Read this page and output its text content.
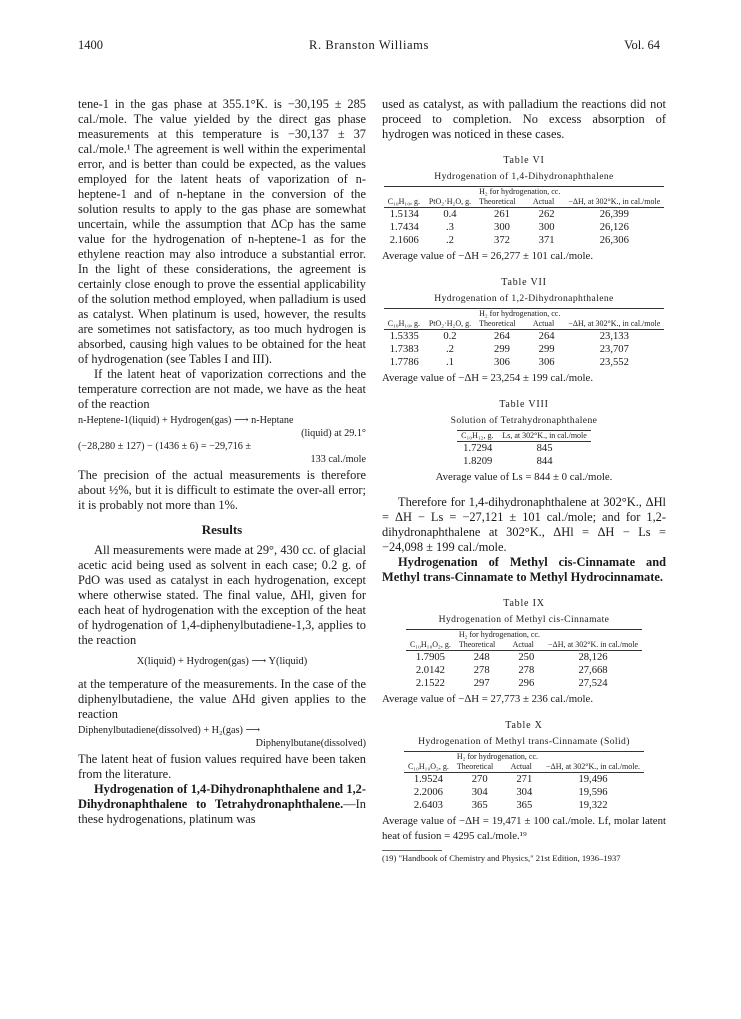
1400	R. Branston Williams	Vol. 64

tene-1 in the gas phase at 355.1°K. is −30,195 ± 285 cal./mole. The value yielded by the direct gas phase measurements at this temperature is −30,137 ± 37 cal./mole.¹ The agreement is well within the experimental error, and is better than could be expected, as the values employed for the latent heats of vaporization of n-heptene-1 and of n-heptane in the conversion of the solution results to apply to the gas phase are somewhat uncertain, while the assumption that ΔCp has the same value for the hydrogenation of n-heptene-1 as for the ethylene reaction may also introduce a substantial error. In the light of these considerations, the agreement is certainly close enough to prove the essential applicability of the solution method employed, when palladium is used as catalyst. When platinum is used, however, the results are sometimes not satisfactory, as too much hydrogen is absorbed, causing high values to be obtained for the heat of hydrogenation (see Tables I and III).

If the latent heat of vaporization corrections and the temperature correction are not made, we have as the heat of the reaction

n-Heptene-1(liquid) + Hydrogen(gas) ⟶ n-Heptane
(liquid) at 29.1°
(−28,280 ± 127) − (1436 ± 6) = −29,716 ±
133 cal./mole

The precision of the actual measurements is therefore about ½%, but it is difficult to estimate the over-all error; it is probably not more than 1%.

Results

All measurements were made at 29°, 430 cc. of glacial acetic acid being used as solvent in each case; 0.2 g. of PdO was used as catalyst in each hydrogenation, except where otherwise stated. The final value, ΔHl, given for each heat of hydrogenation with the exception of the heat of hydrogenation of 1,4-diphenylbutadiene-1,3, applies to the reaction

X(liquid) + Hydrogen(gas) ⟶ Y(liquid)

at the temperature of the measurements. In the case of the diphenylbutadiene, the value ΔHd given applies to the reaction

Diphenylbutadiene(dissolved) + H₂(gas) ⟶
Diphenylbutane(dissolved)

The latent heat of fusion values required have been taken from the literature.

Hydrogenation of 1,4-Dihydronaphthalene and 1,2-Dihydronaphthalene to Tetrahydronaphthalene.—In these hydrogenations, platinum was

used as catalyst, as with palladium the reactions did not proceed to completion. No excess absorption of hydrogen was noticed in these cases.

Table VI
Hydrogenation of 1,4-Dihydronaphthalene
C₁₀H₁₀, g.	PtO₂·H₂O, g.	H₂ for hydrogenation, cc.		−ΔH, at 302°K., in cal./mole
		Theoretical	Actual	

1.5134	0.4	261	262	26,399
1.7434	.3	300	300	26,126
2.1606	.2	372	371	26,306
Average value of −ΔH = 26,277 ± 101 cal./mole.
Table VII
Hydrogenation of 1,2-Dihydronaphthalene
C₁₀H₁₀, g.	PtO₂·H₂O, g.	H₂ for hydrogenation, cc.		−ΔH, at 302°K., in cal./mole
		Theoretical	Actual	

1.5335	0.2	264	264	23,133
1.7383	.2	299	299	23,707
1.7786	.1	306	306	23,552
Average value of −ΔH = 23,254 ± 199 cal./mole.
Table VIII
Solution of Tetrahydronaphthalene
C₁₀H₁₂, g.	Ls, at 302°K., in cal./mole

1.7294	845
1.8209	844
Average value of Ls = 844 ± 0 cal./mole.

Therefore for 1,4-dihydronaphthalene at 302°K., ΔHl = ΔH − Ls = −27,121 ± 101 cal./mole; and for 1,2-dihydronaphthalene at 302°K., ΔHl = ΔH − Ls = −24,098 ± 199 cal./mole.

Hydrogenation of Methyl cis-Cinnamate and Methyl trans-Cinnamate to Methyl Hydrocinnamate.

Table IX
Hydrogenation of Methyl cis-Cinnamate
C₁₀H₁₀O₂, g.	H₂ for hydrogenation, cc.		−ΔH, at 302°K. in cal./mole
	Theoretical	Actual	

1.7905	248	250	28,126
2.0142	278	278	27,668
2.1522	297	296	27,524
Average value of −ΔH = 27,773 ± 236 cal./mole.
Table X
Hydrogenation of Methyl trans-Cinnamate (Solid)
C₁₀H₁₀O₂, g.	H₂ for hydrogenation, cc.		−ΔH, at 302°K., in cal./mole.
	Theoretical	Actual	

1.9524	270	271	19,496
2.2006	304	304	19,596
2.6403	365	365	19,322
Average value of −ΔH = 19,471 ± 100 cal./mole. Lf, molar latent heat of fusion = 4295 cal./mole.¹⁹
(19) "Handbook of Chemistry and Physics," 21st Edition, 1936–1937
